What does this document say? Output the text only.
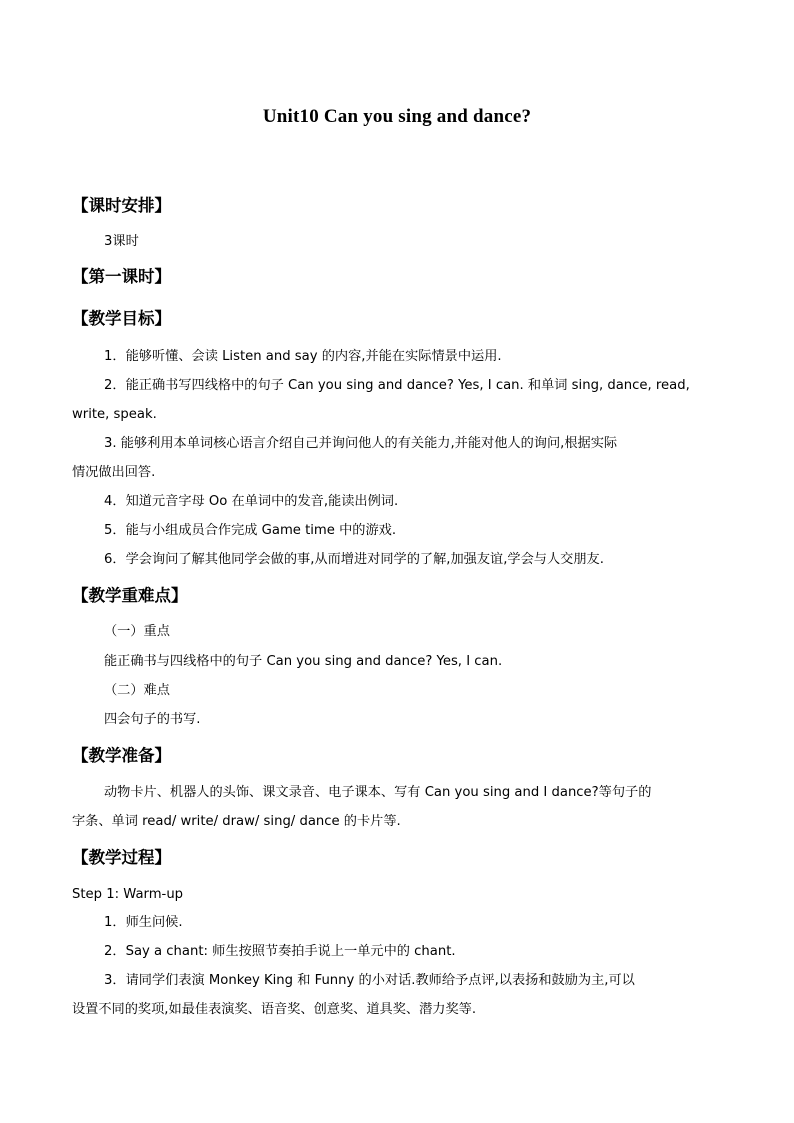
Unit10 Can you sing and dance?
【课时安排】
3课时
【第一课时】
【教学目标】
1．能够听懂、会读 Listen and say 的内容,并能在实际情景中运用.
2．能正确书写四线格中的句子 Can you sing and dance? Yes, I can. 和单词 sing, dance, read,
write, speak.
3. 能够利用本单词核心语言介绍自己并询问他人的有关能力,并能对他人的询问,根据实际
情况做出回答.
4．知道元音字母 Oo 在单词中的发音,能读出例词.
5．能与小组成员合作完成 Game time 中的游戏.
6．学会询问了解其他同学会做的事,从而增进对同学的了解,加强友谊,学会与人交朋友.
【教学重难点】
（一）重点
能正确书与四线格中的句子 Can you sing and dance? Yes, I can.
（二）难点
四会句子的书写.
【教学准备】
动物卡片、机器人的头饰、课文录音、电子课本、写有 Can you sing and I dance?等句子的
字条、单词 read/ write/ draw/ sing/ dance 的卡片等.
【教学过程】
Step 1: Warm-up
1．师生问候.
2．Say a chant: 师生按照节奏拍手说上一单元中的 chant.
3．请同学们表演 Monkey King 和 Funny 的小对话.教师给予点评,以表扬和鼓励为主,可以
设置不同的奖项,如最佳表演奖、语音奖、创意奖、道具奖、潜力奖等.
